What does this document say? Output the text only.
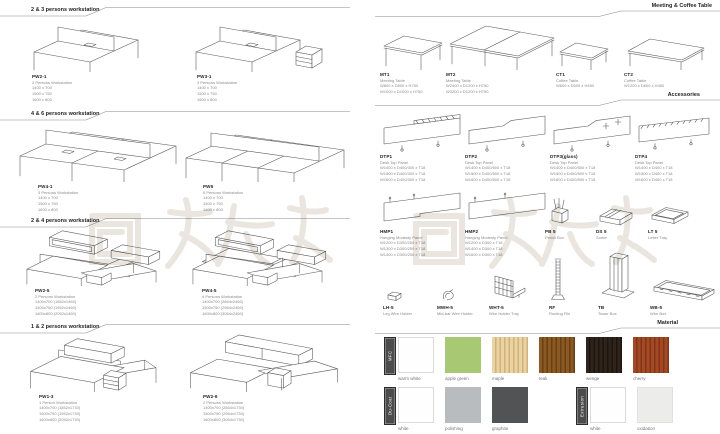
2 & 3 persons workstation
4 & 6 persons workstation
2 & 4 persons workstation
1 & 2 persons workstation
Meeting & Coffee Table
Accessories
Material
PW2-1
2 Persons Workstation
1400 x 700
1500 x 750
1600 x 800
PW3-1
3 Persons Workstation
1400 x 700
1500 x 750
1600 x 800
PW4-1
4 Persons Workstation
1400 x 700
1500 x 750
1600 x 800
PW6
6 Persons Workstation
1400 x 700
1500 x 750
1600 x 800
PW2-5
2 Persons Workstation
1400x700 (1852x1460)
1500x750 (1952x1460)
1600x800 (2052x1460)
PW4-5
4 Persons Workstation
1400x700 (2864x2460)
1500x750 (2964x2460)
1600x800 (3064x2460)
PW1-3
1 Person Workstation
1400x700 (1852x1730)
1500x750 (1952x1730)
1600x800 (2052x1730)
PW2-6
2 Persons Workstation
1400x700 (2864x1730)
1500x750 (2964x1730)
1600x800 (3064x1730)
MT1
Meeting Table
W800 x D800 x H750
W1000 x D1000 x H750
MT2
Meeting Table
W2400 x D1200 x H750
W3200 x D1200 x H750
CT1
Coffee Table
W600 x D600 x H450
CT2
Coffee Table
W1200 x D600 x H450
DTP1
Desk Top Panel
W1400 x D400/300 x T18
W1500 x D400/300 x T18
W1600 x D400/300 x T18
DTP2
Desk Top Panel
W1400 x D400/500 x T18
W1500 x D400/500 x T18
W1600 x D400/500 x T18
DTP3(glass)
Desk Top Panel
W1400 x D400/500 x T18
W1500 x D400/500 x T18
W1600 x D400/500 x T18
DTP4
Desk Top Panel
W1400 x D400 x T18
W1500 x D400 x T18
W1600 x D400 x T18
HMP1
Hanging Modesty Panel
W1200 x D300/250 x T18
W1300 x D300/250 x T18
W1400 x D300/250 x T18
HMP2
Hanging Modesty Panel
W1200 x D300 x T18
W1400 x D300 x T18
W1600 x D300 x T18
PB 5
Pencil Box
DS 5
Sorter
LT 5
Letter Tray
LH-5
Leg Wire Holder
MWH-5
Mid-bar Wire Holder
WHT-5
Wire Holder Tray
RF
Routing File
TB
Tower Box
WB-5
Wire Box
MFC
warm white	apple green	maple	teak	wenge	cherry
Du-Coat
white	polishing	graphite
Extrusion
white	oxidation
